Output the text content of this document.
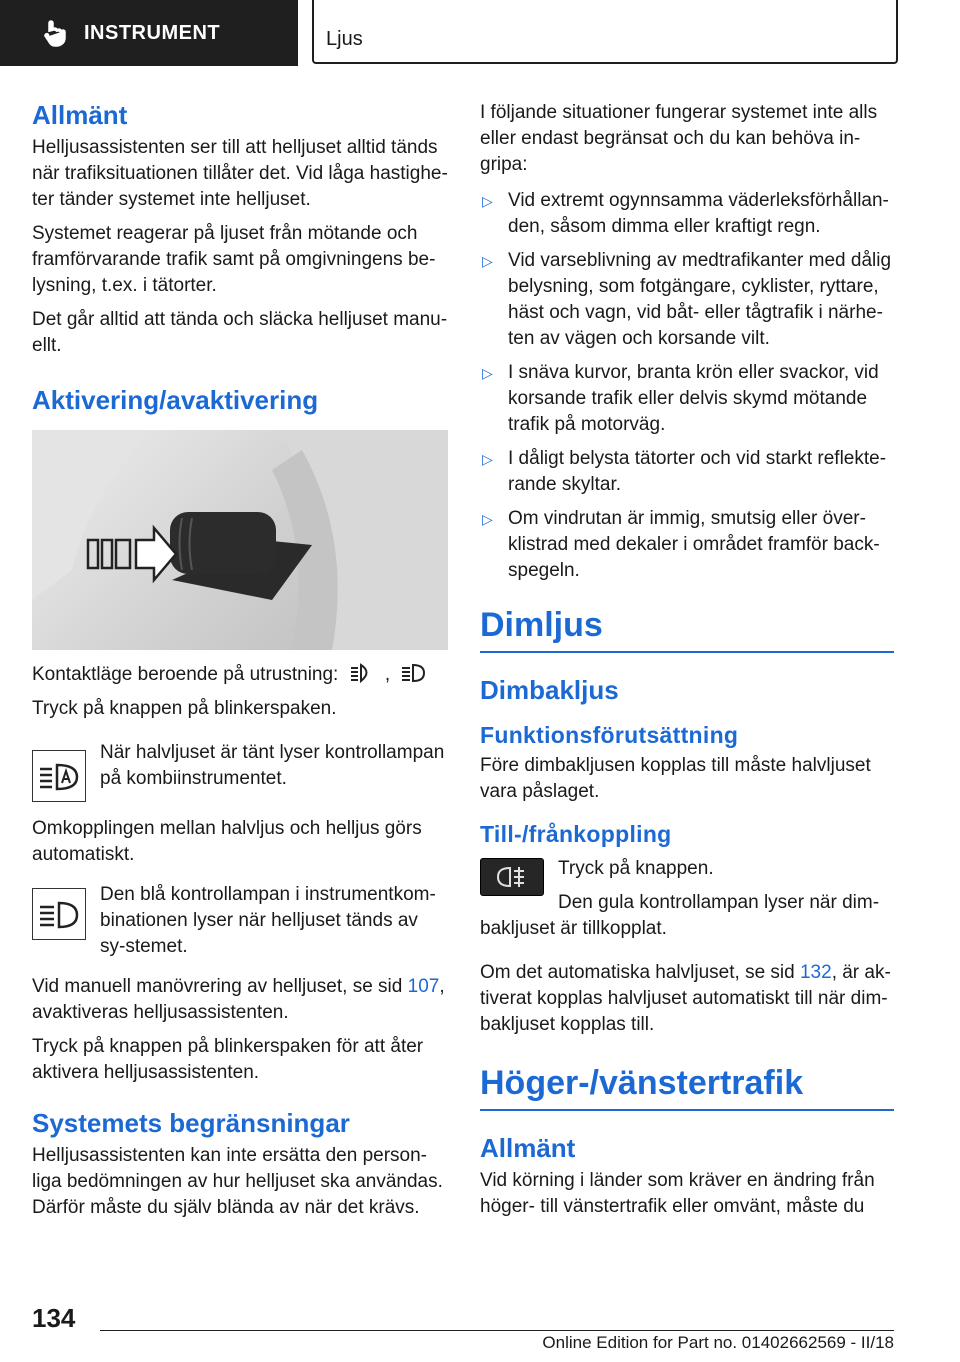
INSTRUMENT	Ljus
Allmänt

Helljusassistenten ser till att helljuset alltid tänds när trafiksituationen tillåter det. Vid låga hastighe-ter tänder systemet inte helljuset.

Systemet reagerar på ljuset från mötande och framförvarande trafik samt på omgivningens be-lysning, t.ex. i tätorter.

Det går alltid att tända och släcka helljuset manu-ellt.

Aktivering/avaktivering

Kontaktläge beroende på utrustning: ,

Tryck på knappen på blinkerspaken.

När halvljuset är tänt lyser kontrollampan på kombiinstrumentet.

Omkopplingen mellan halvljus och helljus görs automatiskt.

Den blå kontrollampan i instrumentkom-binationen lyser när helljuset tänds av sy-stemet.

Vid manuell manövrering av helljuset, se sid 107, avaktiveras helljusassistenten.

Tryck på knappen på blinkerspaken för att åter aktivera helljusassistenten.

Systemets begränsningar

Helljusassistenten kan inte ersätta den person-liga bedömningen av hur helljuset ska användas. Därför måste du själv blända av när det krävs.

I följande situationer fungerar systemet inte alls eller endast begränsat och du kan behöva in-gripa:

▷ Vid extremt ogynnsamma väderleksförhållan-den, såsom dimma eller kraftigt regn.
▷ Vid varseblivning av medtrafikanter med dålig belysning, som fotgängare, cyklister, ryttare, häst och vagn, vid båt- eller tågtrafik i närhe-ten av vägen och korsande vilt.
▷ I snäva kurvor, branta krön eller svackor, vid korsande trafik eller delvis skymd mötande trafik på motorväg.
▷ I dåligt belysta tätorter och vid starkt reflekte-rande skyltar.
▷ Om vindrutan är immig, smutsig eller över-klistrad med dekaler i området framför back-spegeln.
Dimljus
Dimbakljus
Funktionsförutsättning

Före dimbakljusen kopplas till måste halvljuset vara påslaget.

Till-/frånkoppling

Tryck på knappen.

Den gula kontrollampan lyser när dim-bakljuset är tillkopplat.

Om det automatiska halvljuset, se sid 132, är ak-tiverat kopplas halvljuset automatiskt till när dim-bakljuset kopplas till.

Höger-/vänstertrafik
Allmänt

Vid körning i länder som kräver en ändring från höger- till vänstertrafik eller omvänt, måste du

134
Online Edition for Part no. 01402662569 - II/18
